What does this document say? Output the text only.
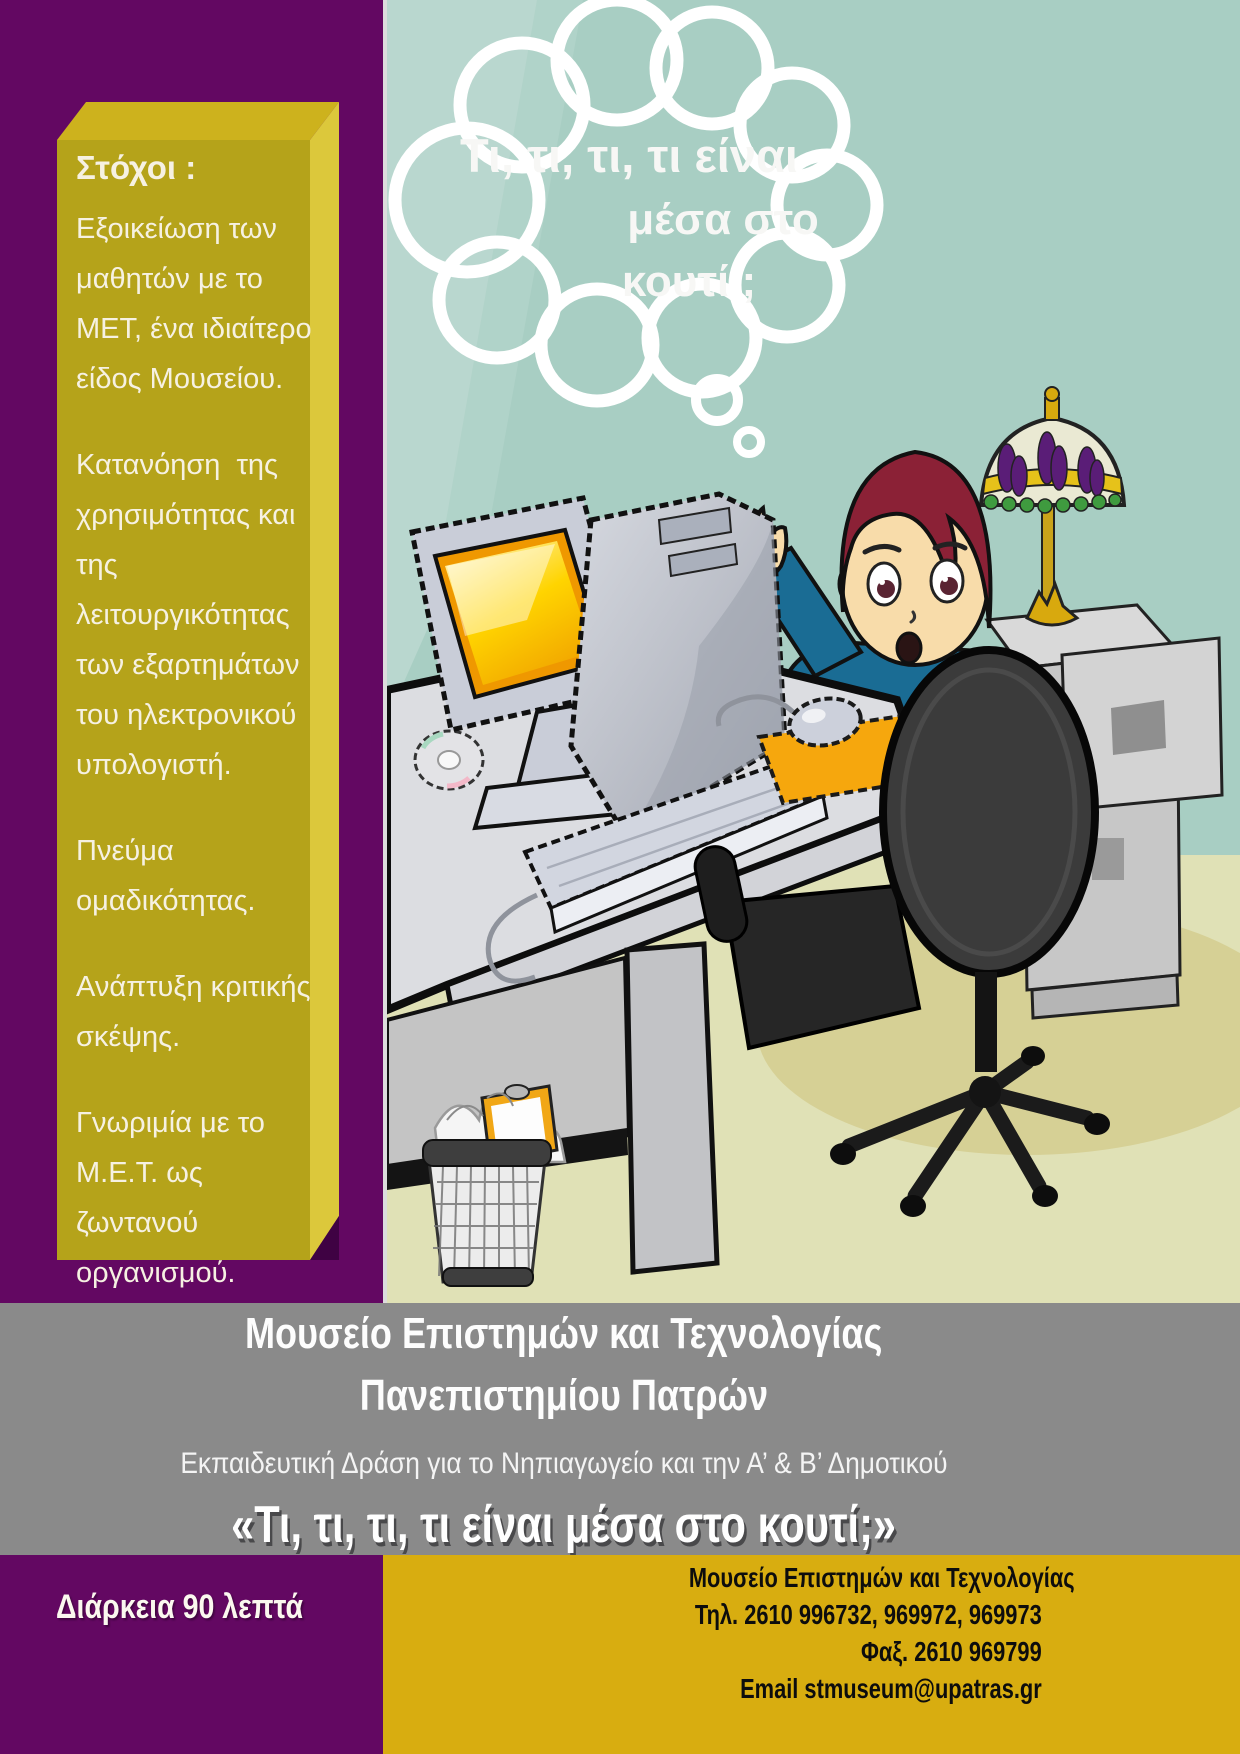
Τι, τι, τι, τι είναι
μέσα στο
κουτί ;
Στόχοι :

Εξοικείωση των μαθητών με το ΜΕΤ, ένα ιδιαίτερο είδος Μουσείου.

Κατανόηση  της χρησιμότητας και της λειτουργικότητας των εξαρτημάτων του ηλεκτρονικού υπολογιστή.

Πνεύμα ομαδικότητας.

Ανάπτυξη κριτικής σκέψης.

Γνωριμία με το Μ.Ε.Τ. ως ζωντανού οργανισμού.

Μουσείο Επιστημών και Τεχνολογίας
Πανεπιστημίου Πατρών
Εκπαιδευτική Δράση για το Νηπιαγωγείο και την Α’ & Β’ Δημοτικού
«Τι, τι, τι, τι είναι μέσα στο κουτί;»
Διάρκεια 90 λεπτά
Μουσείο Επιστημών και Τεχνολογίας
Τηλ. 2610 996732, 969972, 969973
Φαξ. 2610 969799
Email stmuseum@upatras.gr
